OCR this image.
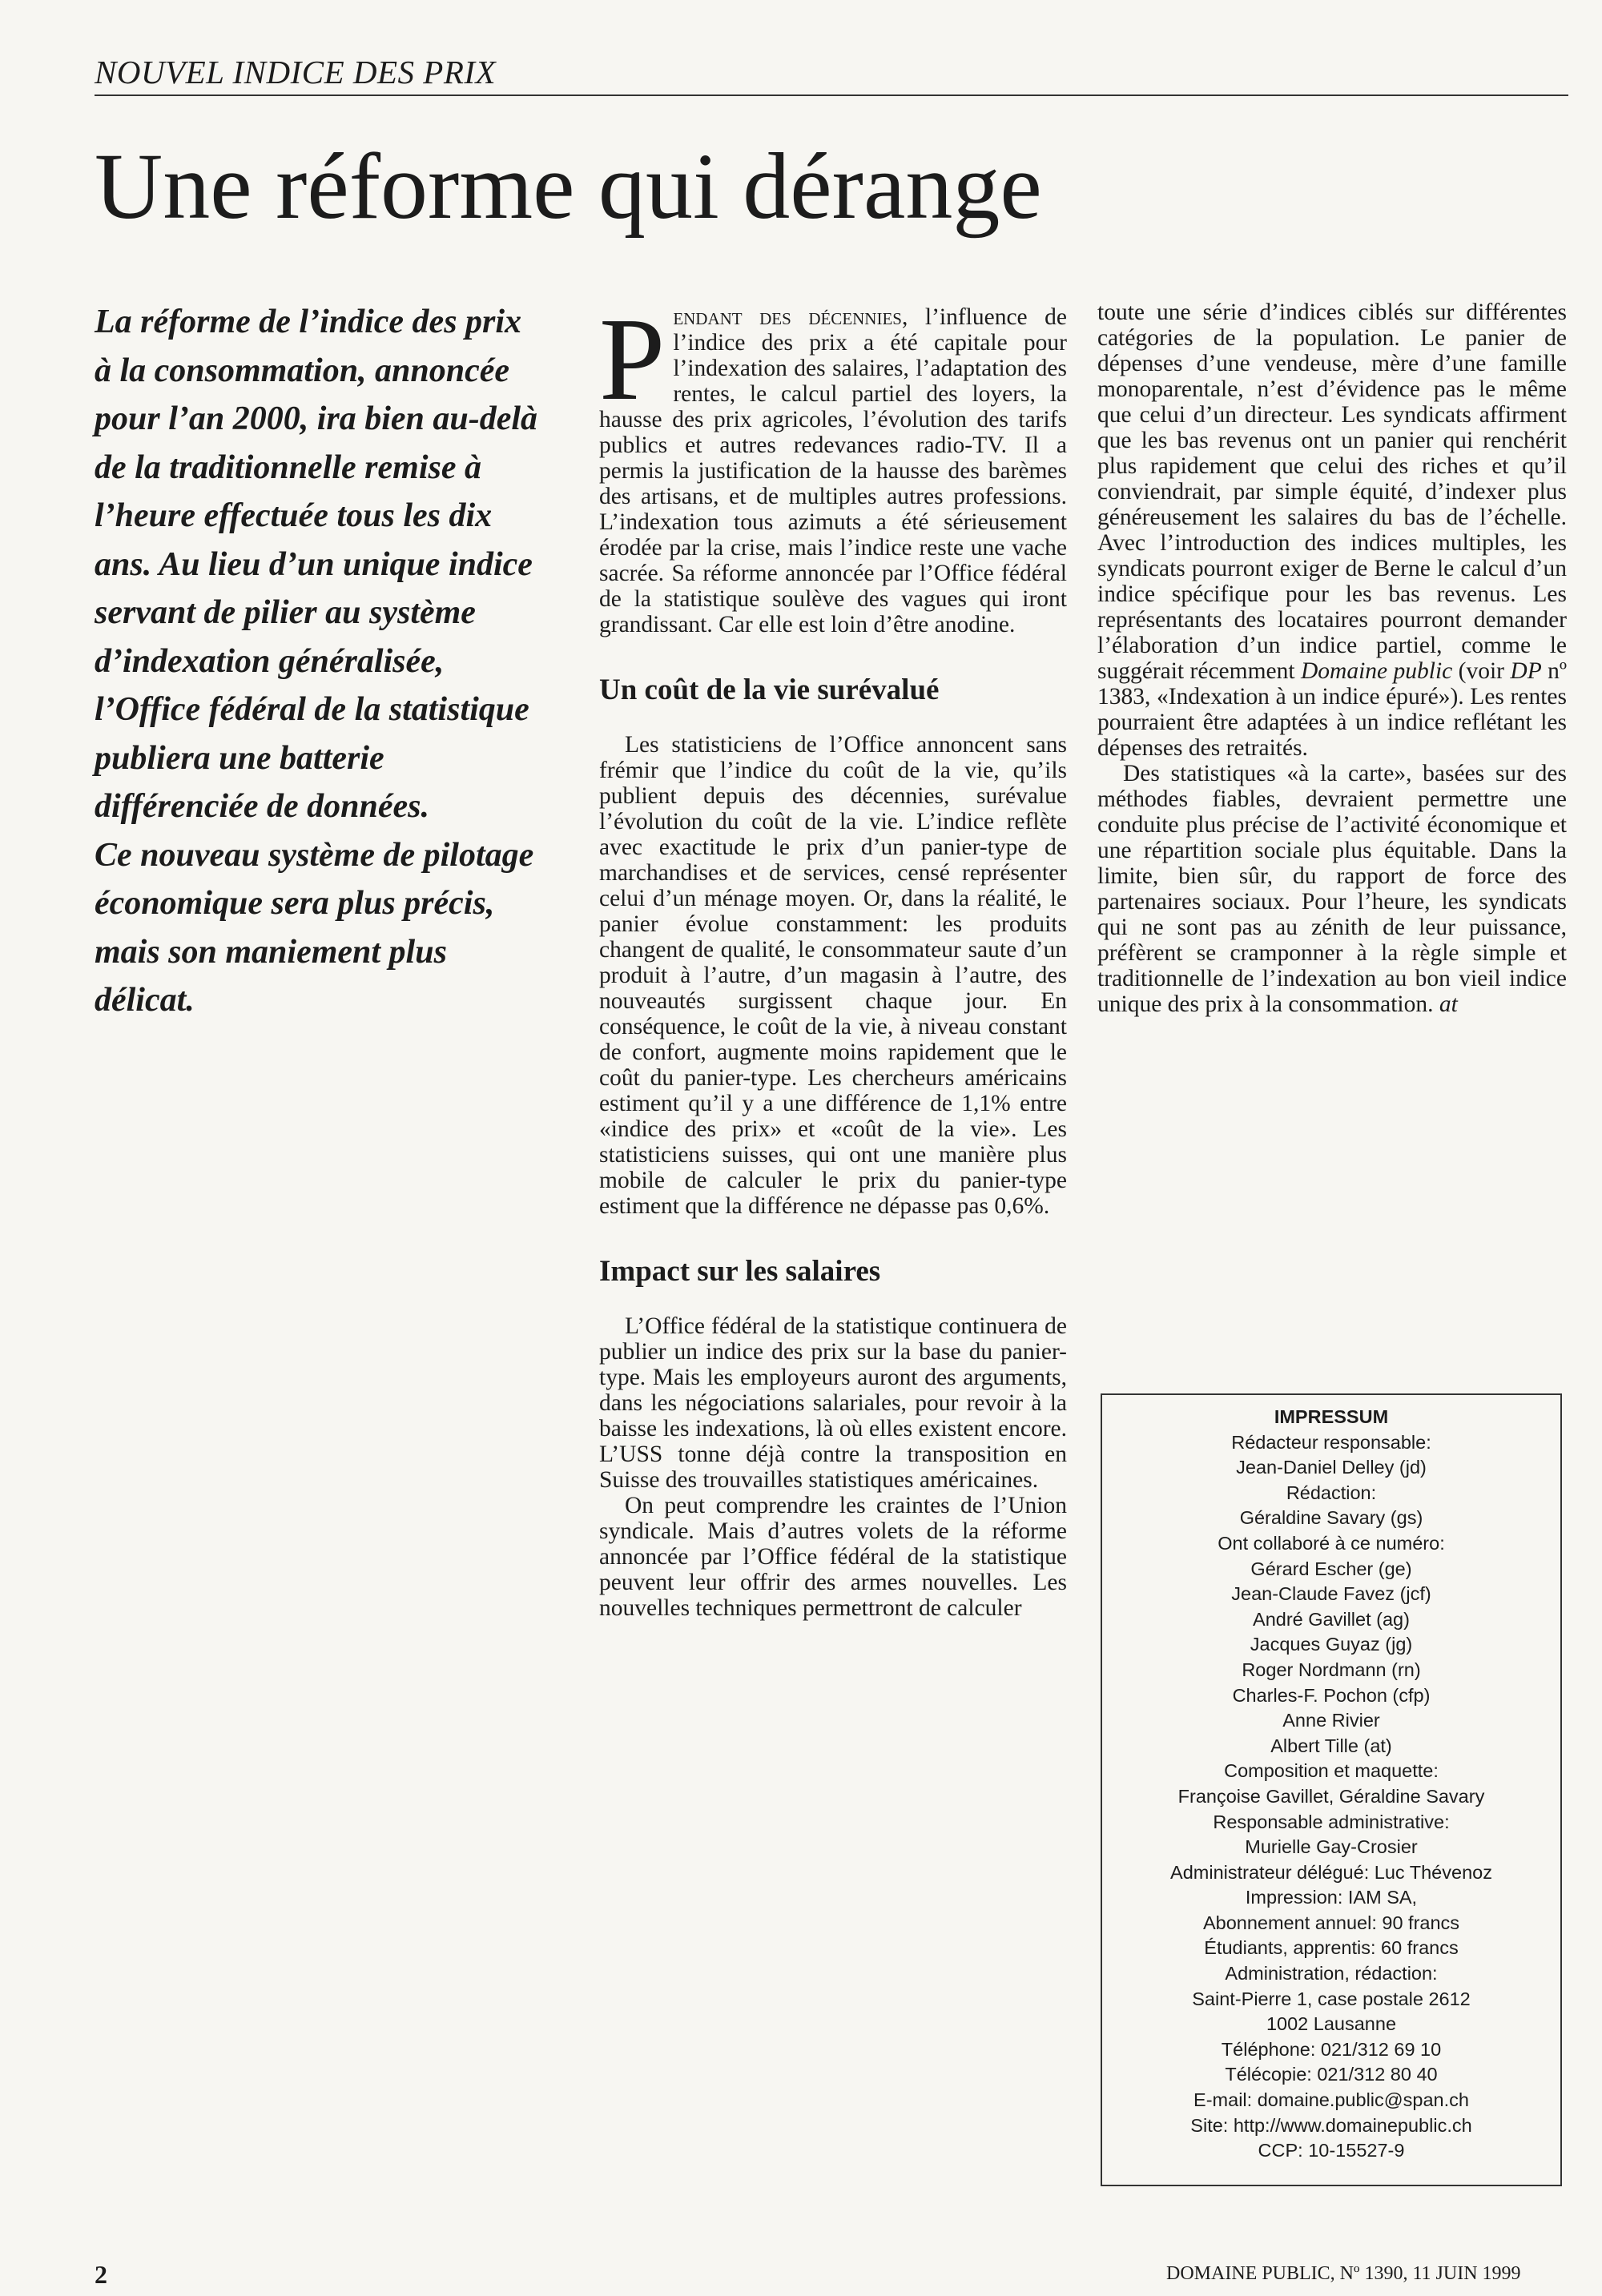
NOUVEL INDICE DES PRIX
Une réforme qui dérange

La réforme de l’indice des prix à la consommation, annoncée pour l’an 2000, ira bien au-delà de la traditionnelle remise à l’heure effectuée tous les dix ans. Au lieu d’un unique indice servant de pilier au système d’indexation généralisée, l’Office fédéral de la statistique publiera une batterie différenciée de données.

Ce nouveau système de pilotage économique sera plus précis, mais son maniement plus délicat.

Pendant des décennies, l’influence de l’indice des prix a été capitale pour l’indexation des salaires, l’adaptation des rentes, le calcul partiel des loyers, la hausse des prix agricoles, l’évolution des tarifs publics et autres redevances radio-TV. Il a permis la justification de la hausse des barèmes des artisans, et de multiples autres professions. L’indexation tous azimuts a été sérieusement érodée par la crise, mais l’indice reste une vache sacrée. Sa réforme annoncée par l’Office fédéral de la statistique soulève des vagues qui iront grandissant. Car elle est loin d’être anodine.

Un coût de la vie surévalué

Les statisticiens de l’Office annoncent sans frémir que l’indice du coût de la vie, qu’ils publient depuis des décennies, surévalue l’évolution du coût de la vie. L’indice reflète avec exactitude le prix d’un panier-type de marchandises et de services, censé représenter celui d’un ménage moyen. Or, dans la réalité, le panier évolue constamment: les produits changent de qualité, le consommateur saute d’un produit à l’autre, d’un magasin à l’autre, des nouveautés surgissent chaque jour. En conséquence, le coût de la vie, à niveau constant de confort, augmente moins rapidement que le coût du panier-type. Les chercheurs américains estiment qu’il y a une différence de 1,1% entre «indice des prix» et «coût de la vie». Les statisticiens suisses, qui ont une manière plus mobile de calculer le prix du panier-type estiment que la différence ne dépasse pas 0,6%.

Impact sur les salaires

L’Office fédéral de la statistique continuera de publier un indice des prix sur la base du panier-type. Mais les employeurs auront des arguments, dans les négociations salariales, pour revoir à la baisse les indexations, là où elles existent encore. L’USS tonne déjà contre la transposition en Suisse des trouvailles statistiques américaines.

On peut comprendre les craintes de l’Union syndicale. Mais d’autres volets de la réforme annoncée par l’Office fédéral de la statistique peuvent leur offrir des armes nouvelles. Les nouvelles techniques permettront de calculer

toute une série d’indices ciblés sur différentes catégories de la population. Le panier de dépenses d’une vendeuse, mère d’une famille monoparentale, n’est d’évidence pas le même que celui d’un directeur. Les syndicats affirment que les bas revenus ont un panier qui renchérit plus rapidement que celui des riches et qu’il conviendrait, par simple équité, d’indexer plus généreusement les salaires du bas de l’échelle. Avec l’introduction des indices multiples, les syndicats pourront exiger de Berne le calcul d’un indice spécifique pour les bas revenus. Les représentants des locataires pourront demander l’élaboration d’un indice partiel, comme le suggérait récemment Domaine public (voir DP nº 1383, «Indexation à un indice épuré»). Les rentes pourraient être adaptées à un indice reflétant les dépenses des retraités.

Des statistiques «à la carte», basées sur des méthodes fiables, devraient permettre une conduite plus précise de l’activité économique et une répartition sociale plus équitable. Dans la limite, bien sûr, du rapport de force des partenaires sociaux. Pour l’heure, les syndicats qui ne sont pas au zénith de leur puissance, préfèrent se cramponner à la règle simple et traditionnelle de l’indexation au bon vieil indice unique des prix à la consommation. at

IMPRESSUM
Rédacteur responsable:
Jean-Daniel Delley (jd)
Rédaction:
Géraldine Savary (gs)
Ont collaboré à ce numéro:
Gérard Escher (ge)
Jean-Claude Favez (jcf)
André Gavillet (ag)
Jacques Guyaz (jg)
Roger Nordmann (rn)
Charles-F. Pochon (cfp)
Anne Rivier
Albert Tille (at)
Composition et maquette:
Françoise Gavillet, Géraldine Savary
Responsable administrative:
Murielle Gay-Crosier
Administrateur délégué: Luc Thévenoz
Impression: IAM SA,
Abonnement annuel: 90 francs
Étudiants, apprentis: 60 francs
Administration, rédaction:
Saint-Pierre 1, case postale 2612
1002 Lausanne
Téléphone: 021/312 69 10
Télécopie: 021/312 80 40
E-mail: domaine.public@span.ch
Site: http://www.domainepublic.ch
CCP: 10-15527-9
2	DOMAINE PUBLIC, Nº 1390, 11 JUIN 1999
